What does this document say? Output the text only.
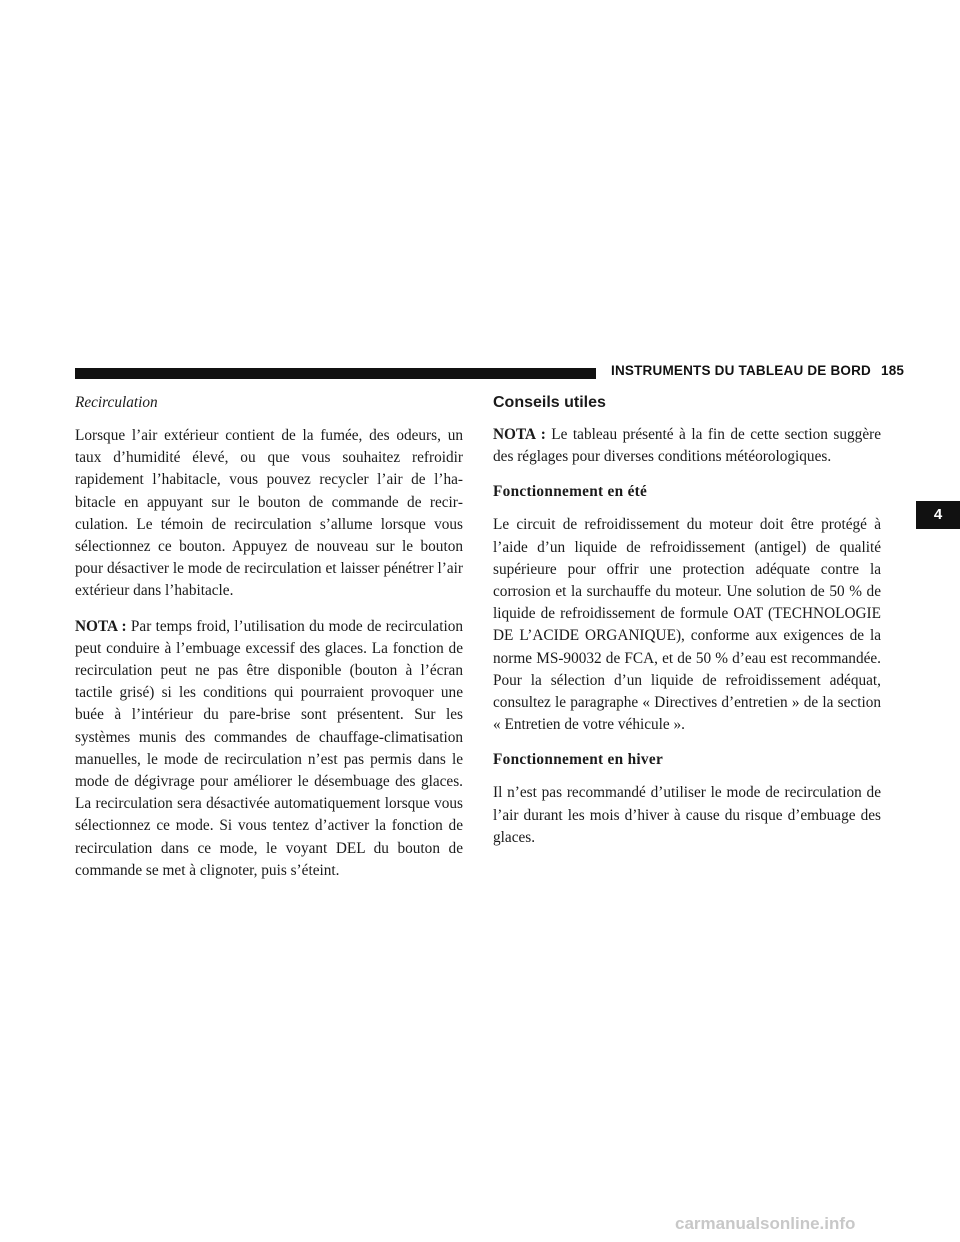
INSTRUMENTS DU TABLEAU DE BORD 185
4
Recirculation

Lorsque l’air extérieur contient de la fumée, des odeurs, un taux d’humidité élevé, ou que vous souhaitez refroidir rapidement l’habitacle, vous pouvez recycler l’air de l’habitacle en appuyant sur le bouton de commande de recirculation. Le témoin de recirculation s’allume lorsque vous sélectionnez ce bouton. Appuyez de nouveau sur le bouton pour désactiver le mode de recirculation et laisser pénétrer l’air extérieur dans l’habitacle.

NOTA : Par temps froid, l’utilisation du mode de recirculation peut conduire à l’embuage excessif des glaces. La fonction de recirculation peut ne pas être disponible (bouton à l’écran tactile grisé) si les conditions qui pourraient provoquer une buée à l’intérieur du pare-brise sont présentent. Sur les systèmes munis des commandes de chauffage-climatisation manuelles, le mode de recirculation n’est pas permis dans le mode de dégivrage pour améliorer le désembuage des glaces. La recirculation sera désactivée automatiquement lorsque vous sélectionnez ce mode. Si vous tentez d’activer la fonction de recirculation dans ce mode, le voyant DEL du bouton de commande se met à clignoter, puis s’éteint.

Conseils utiles

NOTA : Le tableau présenté à la fin de cette section suggère des réglages pour diverses conditions météorologiques.

Fonctionnement en été

Le circuit de refroidissement du moteur doit être protégé à l’aide d’un liquide de refroidissement (antigel) de qualité supérieure pour offrir une protection adéquate contre la corrosion et la surchauffe du moteur. Une solution de 50 % de liquide de refroidissement de formule OAT (TECHNOLOGIE DE L’ACIDE ORGANIQUE), conforme aux exigences de la norme MS-90032 de FCA, et de 50 % d’eau est recommandée. Pour la sélection d’un liquide de refroidissement adéquat, consultez le paragraphe « Directives d’entretien » de la section « Entretien de votre véhicule ».

Fonctionnement en hiver

Il n’est pas recommandé d’utiliser le mode de recirculation de l’air durant les mois d’hiver à cause du risque d’embuage des glaces.

carmanualsonline.info
